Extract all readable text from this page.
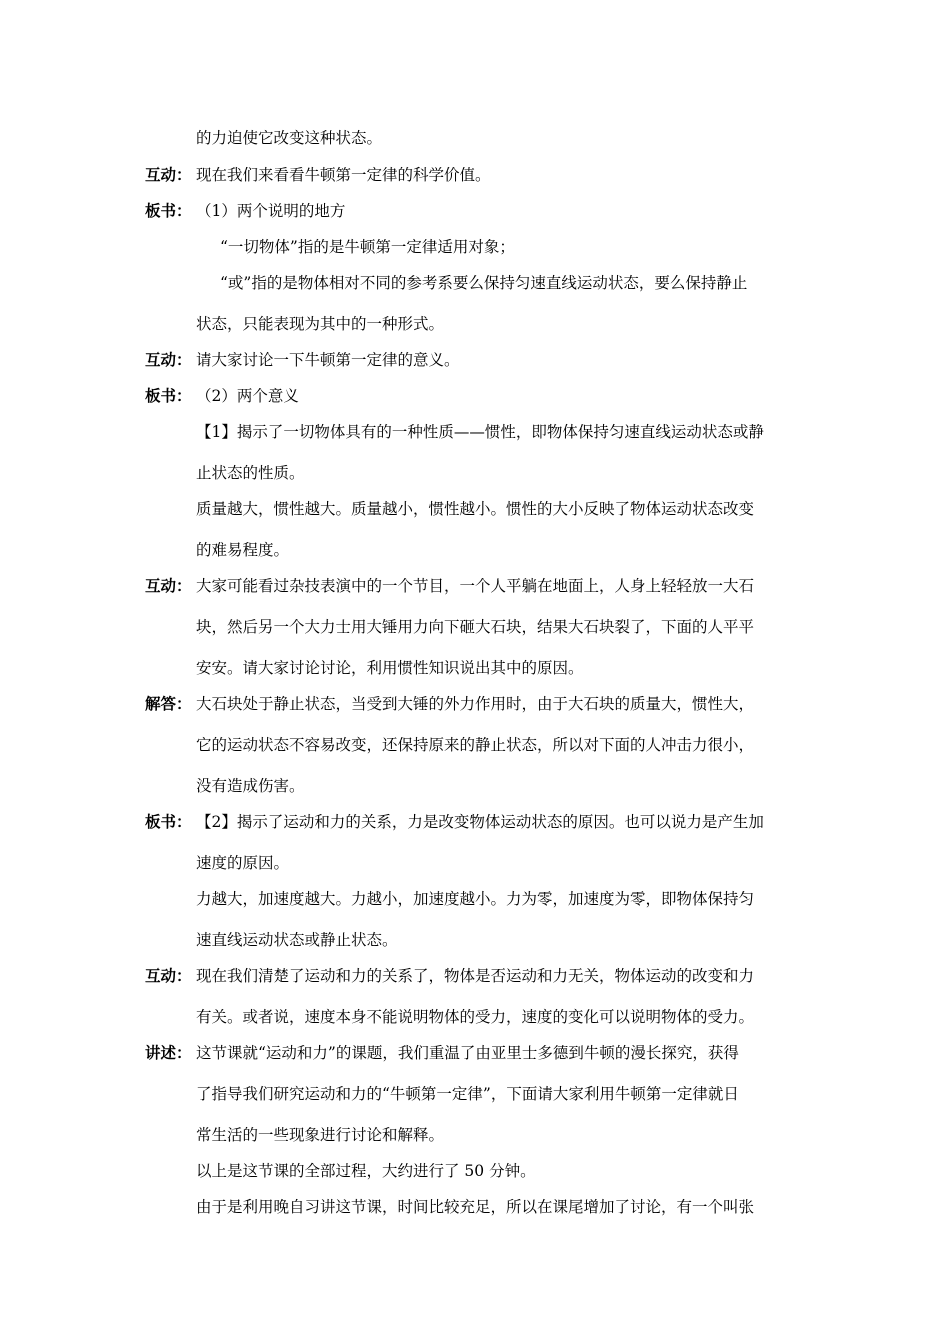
的力迫使它改变这种状态。
互动： 现在我们来看看牛顿第一定律的科学价值。
板书： （1）两个说明的地方
“一切物体”指的是牛顿第一定律适用对象；
“或”指的是物体相对不同的参考系要么保持匀速直线运动状态，要么保持静止
状态，只能表现为其中的一种形式。
互动： 请大家讨论一下牛顿第一定律的意义。
板书： （2）两个意义
【1】揭示了一切物体具有的一种性质——惯性，即物体保持匀速直线运动状态或静
止状态的性质。
质量越大，惯性越大。质量越小，惯性越小。惯性的大小反映了物体运动状态改变
的难易程度。
互动： 大家可能看过杂技表演中的一个节目，一个人平躺在地面上，人身上轻轻放一大石
块，然后另一个大力士用大锤用力向下砸大石块，结果大石块裂了，下面的人平平
安安。请大家讨论讨论，利用惯性知识说出其中的原因。
解答： 大石块处于静止状态，当受到大锤的外力作用时，由于大石块的质量大，惯性大，
它的运动状态不容易改变，还保持原来的静止状态，所以对下面的人冲击力很小，
没有造成伤害。
板书： 【2】揭示了运动和力的关系，力是改变物体运动状态的原因。也可以说力是产生加
速度的原因。
力越大，加速度越大。力越小，加速度越小。力为零，加速度为零，即物体保持匀
速直线运动状态或静止状态。
互动： 现在我们清楚了运动和力的关系了，物体是否运动和力无关，物体运动的改变和力
有关。或者说，速度本身不能说明物体的受力，速度的变化可以说明物体的受力。
讲述： 这节课就“运动和力”的课题，我们重温了由亚里士多德到牛顿的漫长探究，获得
了指导我们研究运动和力的“牛顿第一定律”，下面请大家利用牛顿第一定律就日
常生活的一些现象进行讨论和解释。
以上是这节课的全部过程，大约进行了 50 分钟。
由于是利用晚自习讲这节课，时间比较充足，所以在课尾增加了讨论，有一个叫张
